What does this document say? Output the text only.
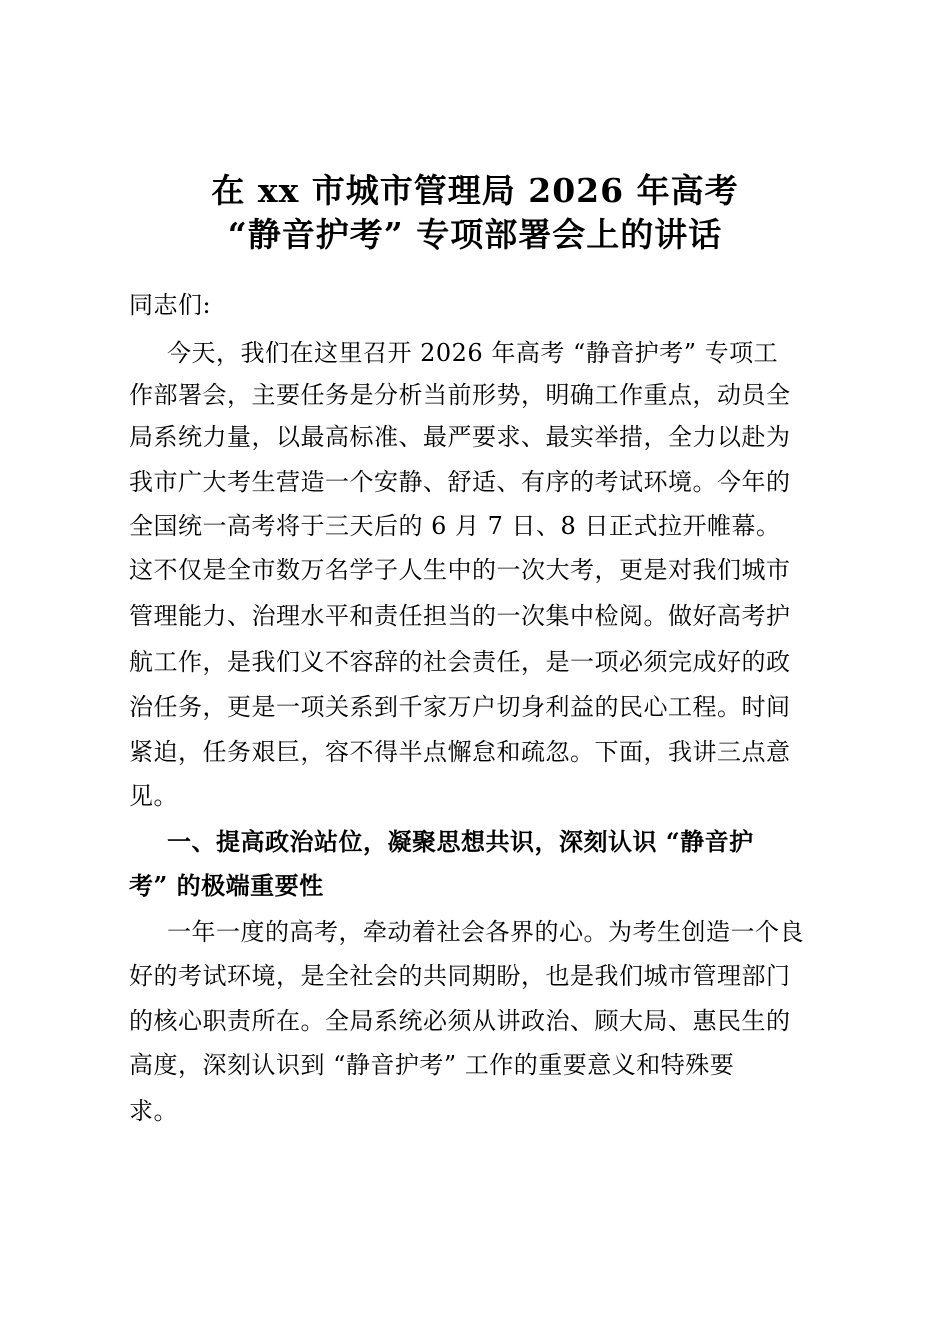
在 xx 市城市管理局 2026 年高考
“静音护考” 专项部署会上的讲话
同志们:
今天，我们在这里召开 2026 年高考 “静音护考” 专项工
作部署会，主要任务是分析当前形势，明确工作重点，动员全
局系统力量，以最高标准、最严要求、最实举措，全力以赴为
我市广大考生营造一个安静、舒适、有序的考试环境。今年的
全国统一高考将于三天后的 6 月 7 日、8 日正式拉开帷幕。
这不仅是全市数万名学子人生中的一次大考，更是对我们城市
管理能力、治理水平和责任担当的一次集中检阅。做好高考护
航工作，是我们义不容辞的社会责任，是一项必须完成好的政
治任务，更是一项关系到千家万户切身利益的民心工程。时间
紧迫，任务艰巨，容不得半点懈怠和疏忽。下面，我讲三点意
见。
一、提高政治站位，凝聚思想共识，深刻认识 “静音护
考” 的极端重要性
一年一度的高考，牵动着社会各界的心。为考生创造一个良
好的考试环境，是全社会的共同期盼，也是我们城市管理部门
的核心职责所在。全局系统必须从讲政治、顾大局、惠民生的
高度，深刻认识到 “静音护考” 工作的重要意义和特殊要
求。
